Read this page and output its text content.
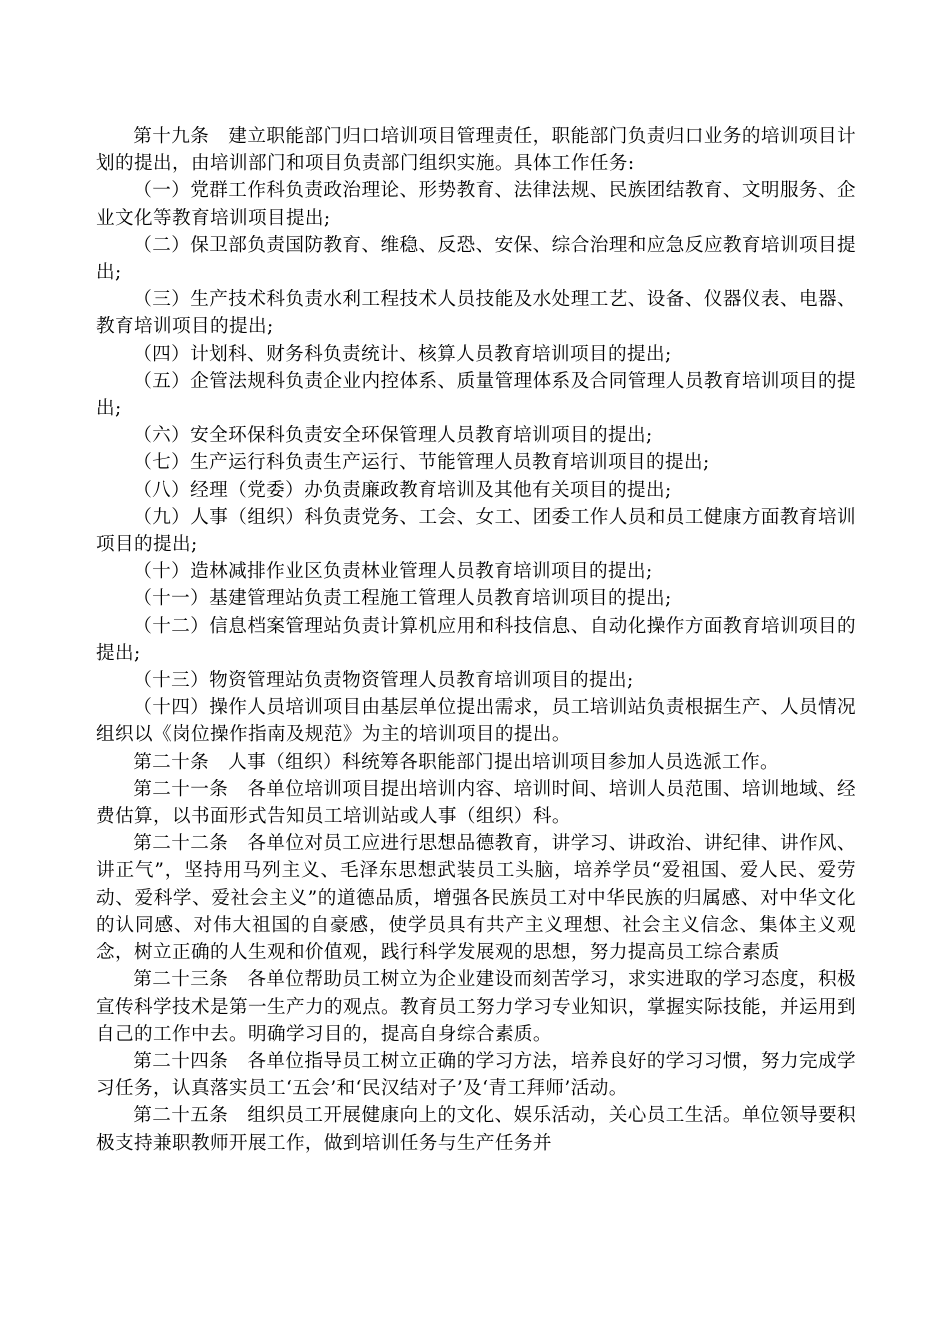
第十九条　建立职能部门归口培训项目管理责任，职能部门负责归口业务的培训项目计划的提出，由培训部门和项目负责部门组织实施。具体工作任务:

（一）党群工作科负责政治理论、形势教育、法律法规、民族团结教育、文明服务、企业文化等教育培训项目提出;

（二）保卫部负责国防教育、维稳、反恐、安保、综合治理和应急反应教育培训项目提出;

（三）生产技术科负责水利工程技术人员技能及水处理工艺、设备、仪器仪表、电器、教育培训项目的提出;

（四）计划科、财务科负责统计、核算人员教育培训项目的提出;

（五）企管法规科负责企业内控体系、质量管理体系及合同管理人员教育培训项目的提出;

（六）安全环保科负责安全环保管理人员教育培训项目的提出;

（七）生产运行科负责生产运行、节能管理人员教育培训项目的提出;

（八）经理（党委）办负责廉政教育培训及其他有关项目的提出;

（九）人事（组织）科负责党务、工会、女工、团委工作人员和员工健康方面教育培训项目的提出;

（十）造林减排作业区负责林业管理人员教育培训项目的提出;

（十一）基建管理站负责工程施工管理人员教育培训项目的提出;

（十二）信息档案管理站负责计算机应用和科技信息、自动化操作方面教育培训项目的提出;

（十三）物资管理站负责物资管理人员教育培训项目的提出;

（十四）操作人员培训项目由基层单位提出需求，员工培训站负责根据生产、人员情况组织以《岗位操作指南及规范》为主的培训项目的提出。

第二十条　人事（组织）科统筹各职能部门提出培训项目参加人员选派工作。

第二十一条　各单位培训项目提出培训内容、培训时间、培训人员范围、培训地域、经费估算，以书面形式告知员工培训站或人事（组织）科。

第二十二条　各单位对员工应进行思想品德教育，讲学习、讲政治、讲纪律、讲作风、讲正气”，坚持用马列主义、毛泽东思想武装员工头脑，培养学员“爱祖国、爱人民、爱劳动、爱科学、爱社会主义”的道德品质，增强各民族员工对中华民族的归属感、对中华文化的认同感、对伟大祖国的自豪感，使学员具有共产主义理想、社会主义信念、集体主义观念，树立正确的人生观和价值观，践行科学发展观的思想，努力提高员工综合素质

第二十三条　各单位帮助员工树立为企业建设而刻苦学习，求实进取的学习态度，积极宣传科学技术是第一生产力的观点。教育员工努力学习专业知识，掌握实际技能，并运用到自己的工作中去。明确学习目的，提高自身综合素质。

第二十四条　各单位指导员工树立正确的学习方法，培养良好的学习习惯，努力完成学习任务，认真落实员工‘五会’和‘民汉结对子’及‘青工拜师’活动。

第二十五条　组织员工开展健康向上的文化、娱乐活动，关心员工生活。单位领导要积极支持兼职教师开展工作，做到培训任务与生产任务并
